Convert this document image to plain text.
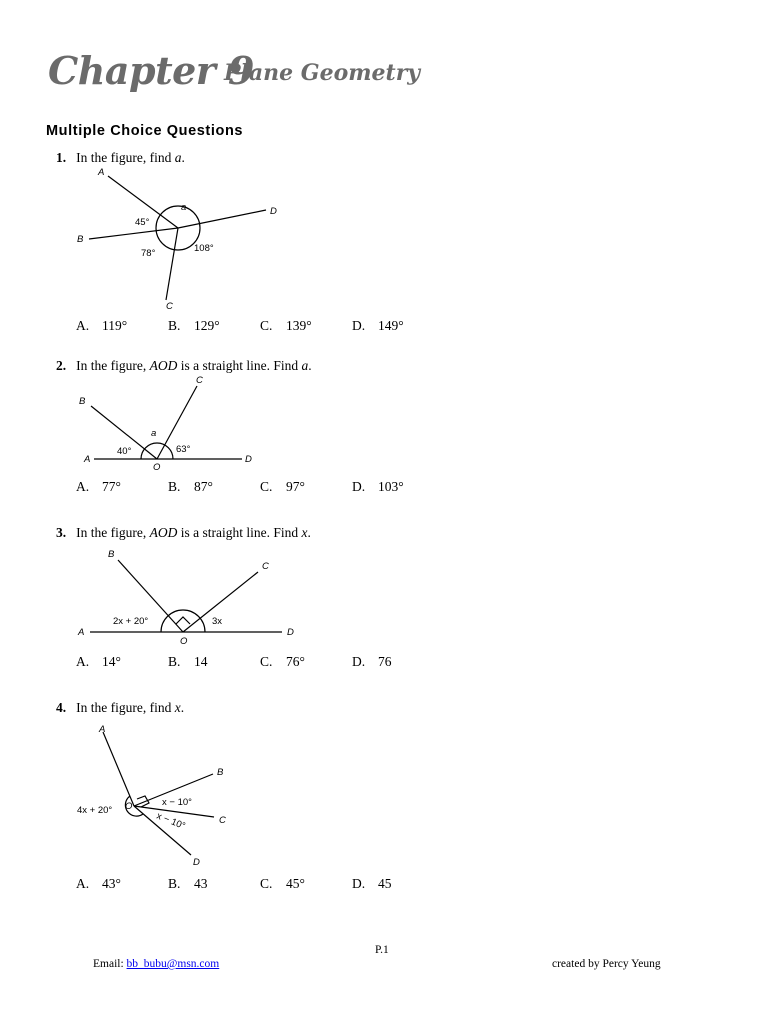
Chapter 9
Plane Geometry
Multiple Choice Questions
1. In the figure, find a.
A
B
C
D
45°
78°	108°
a
A. 119°	B. 129°	C. 139°	D. 149°
2. In the figure, AOD is a straight line. Find a.
B
C
A	D
O
40°	63°
a
A. 77°	B. 87°	C. 97°	D. 103°
3. In the figure, AOD is a straight line. Find x.
B
C
A	D
O
2x + 20°	3x
A. 14°	B. 14	C. 76°	D. 76
4. In the figure, find x.
A
B
C
D
O
4x + 20°
x − 10°
x − 10°
A. 43°	B. 43	C. 45°	D. 45
P.1
Email: bb_bubu@msn.com	created by Percy Yeung
